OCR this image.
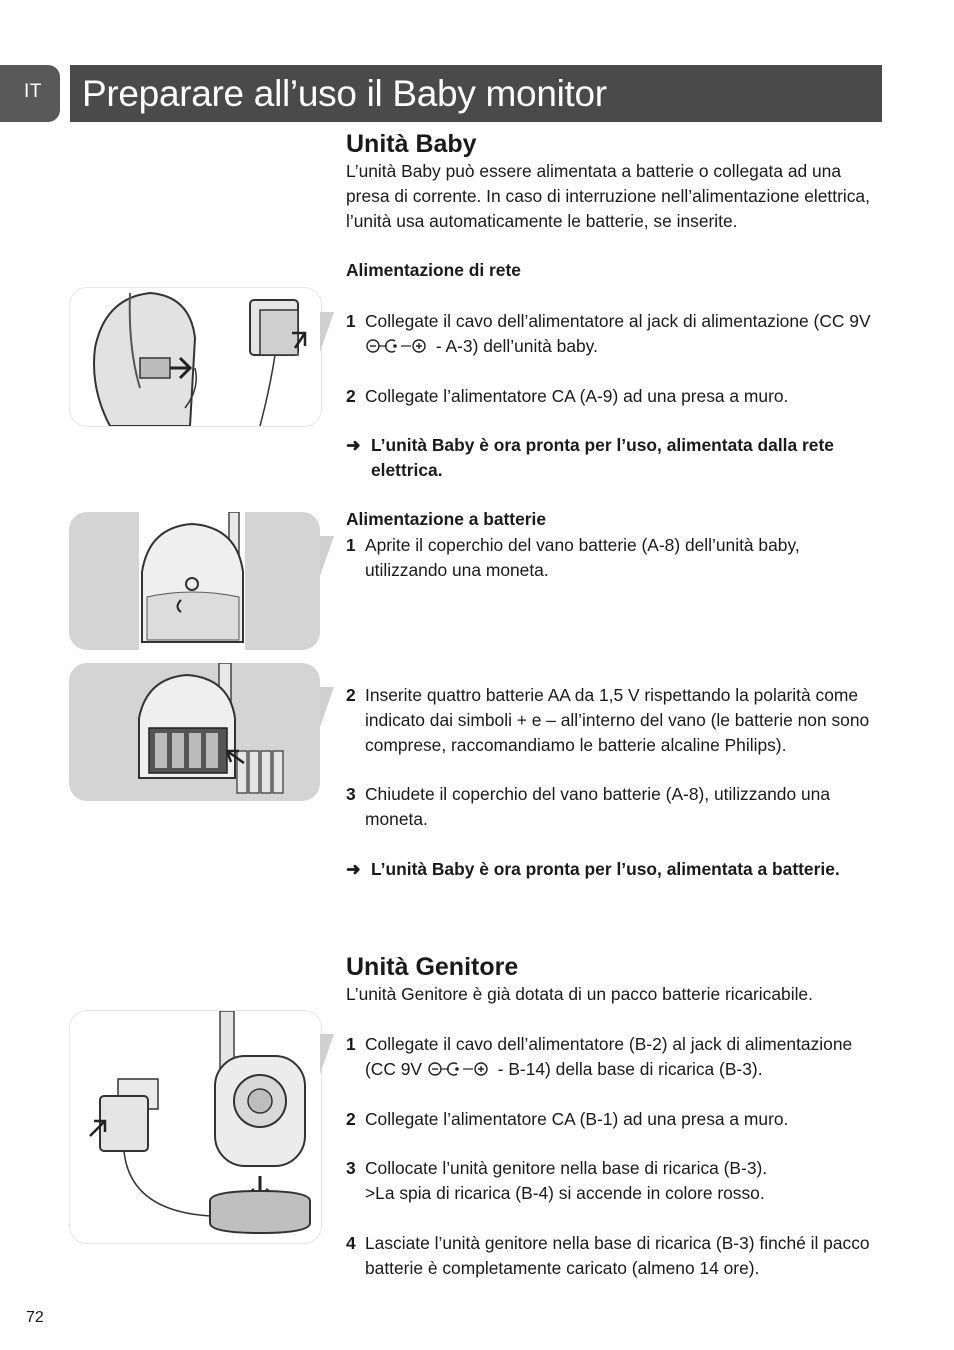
IT Preparare all’uso il Baby monitor
Unità Baby
L’unità Baby può essere alimentata a batterie o collegata ad una presa di corrente. In caso di interruzione nell’alimentazione elettrica, l’unità usa automaticamente le batterie, se inserite.
Alimentazione di rete
1 Collegate il cavo dell’alimentatore al jack di alimentazione (CC 9V  - A-3) dell’unità baby.
2 Collegate l’alimentatore CA (A-9) ad una presa a muro.
➜ L’unità Baby è ora pronta per l’uso, alimentata dalla rete elettrica.
Alimentazione a batterie
1 Aprite il coperchio del vano batterie (A-8) dell’unità baby, utilizzando una moneta.
2 Inserite quattro batterie AA da 1,5 V rispettando la polarità come indicato dai simboli + e – all’interno del vano (le batterie non sono comprese, raccomandiamo le batterie alcaline Philips).
3 Chiudete il coperchio del vano batterie (A-8), utilizzando una moneta.
➜ L’unità Baby è ora pronta per l’uso, alimentata a batterie.
Unità Genitore
L’unità Genitore è già dotata di un pacco batterie ricaricabile.
1 Collegate il cavo dell’alimentatore (B-2) al jack di alimentazione (CC 9V	- B-14) della base di ricarica (B-3).
2 Collegate l’alimentatore CA (B-1) ad una presa a muro.
3 Collocate l’unità genitore nella base di ricarica (B-3).
>La spia di ricarica (B-4) si accende in colore rosso.
4 Lasciate l’unità genitore nella base di ricarica (B-3) finché il pacco batterie è completamente caricato (almeno 14 ore).
72
